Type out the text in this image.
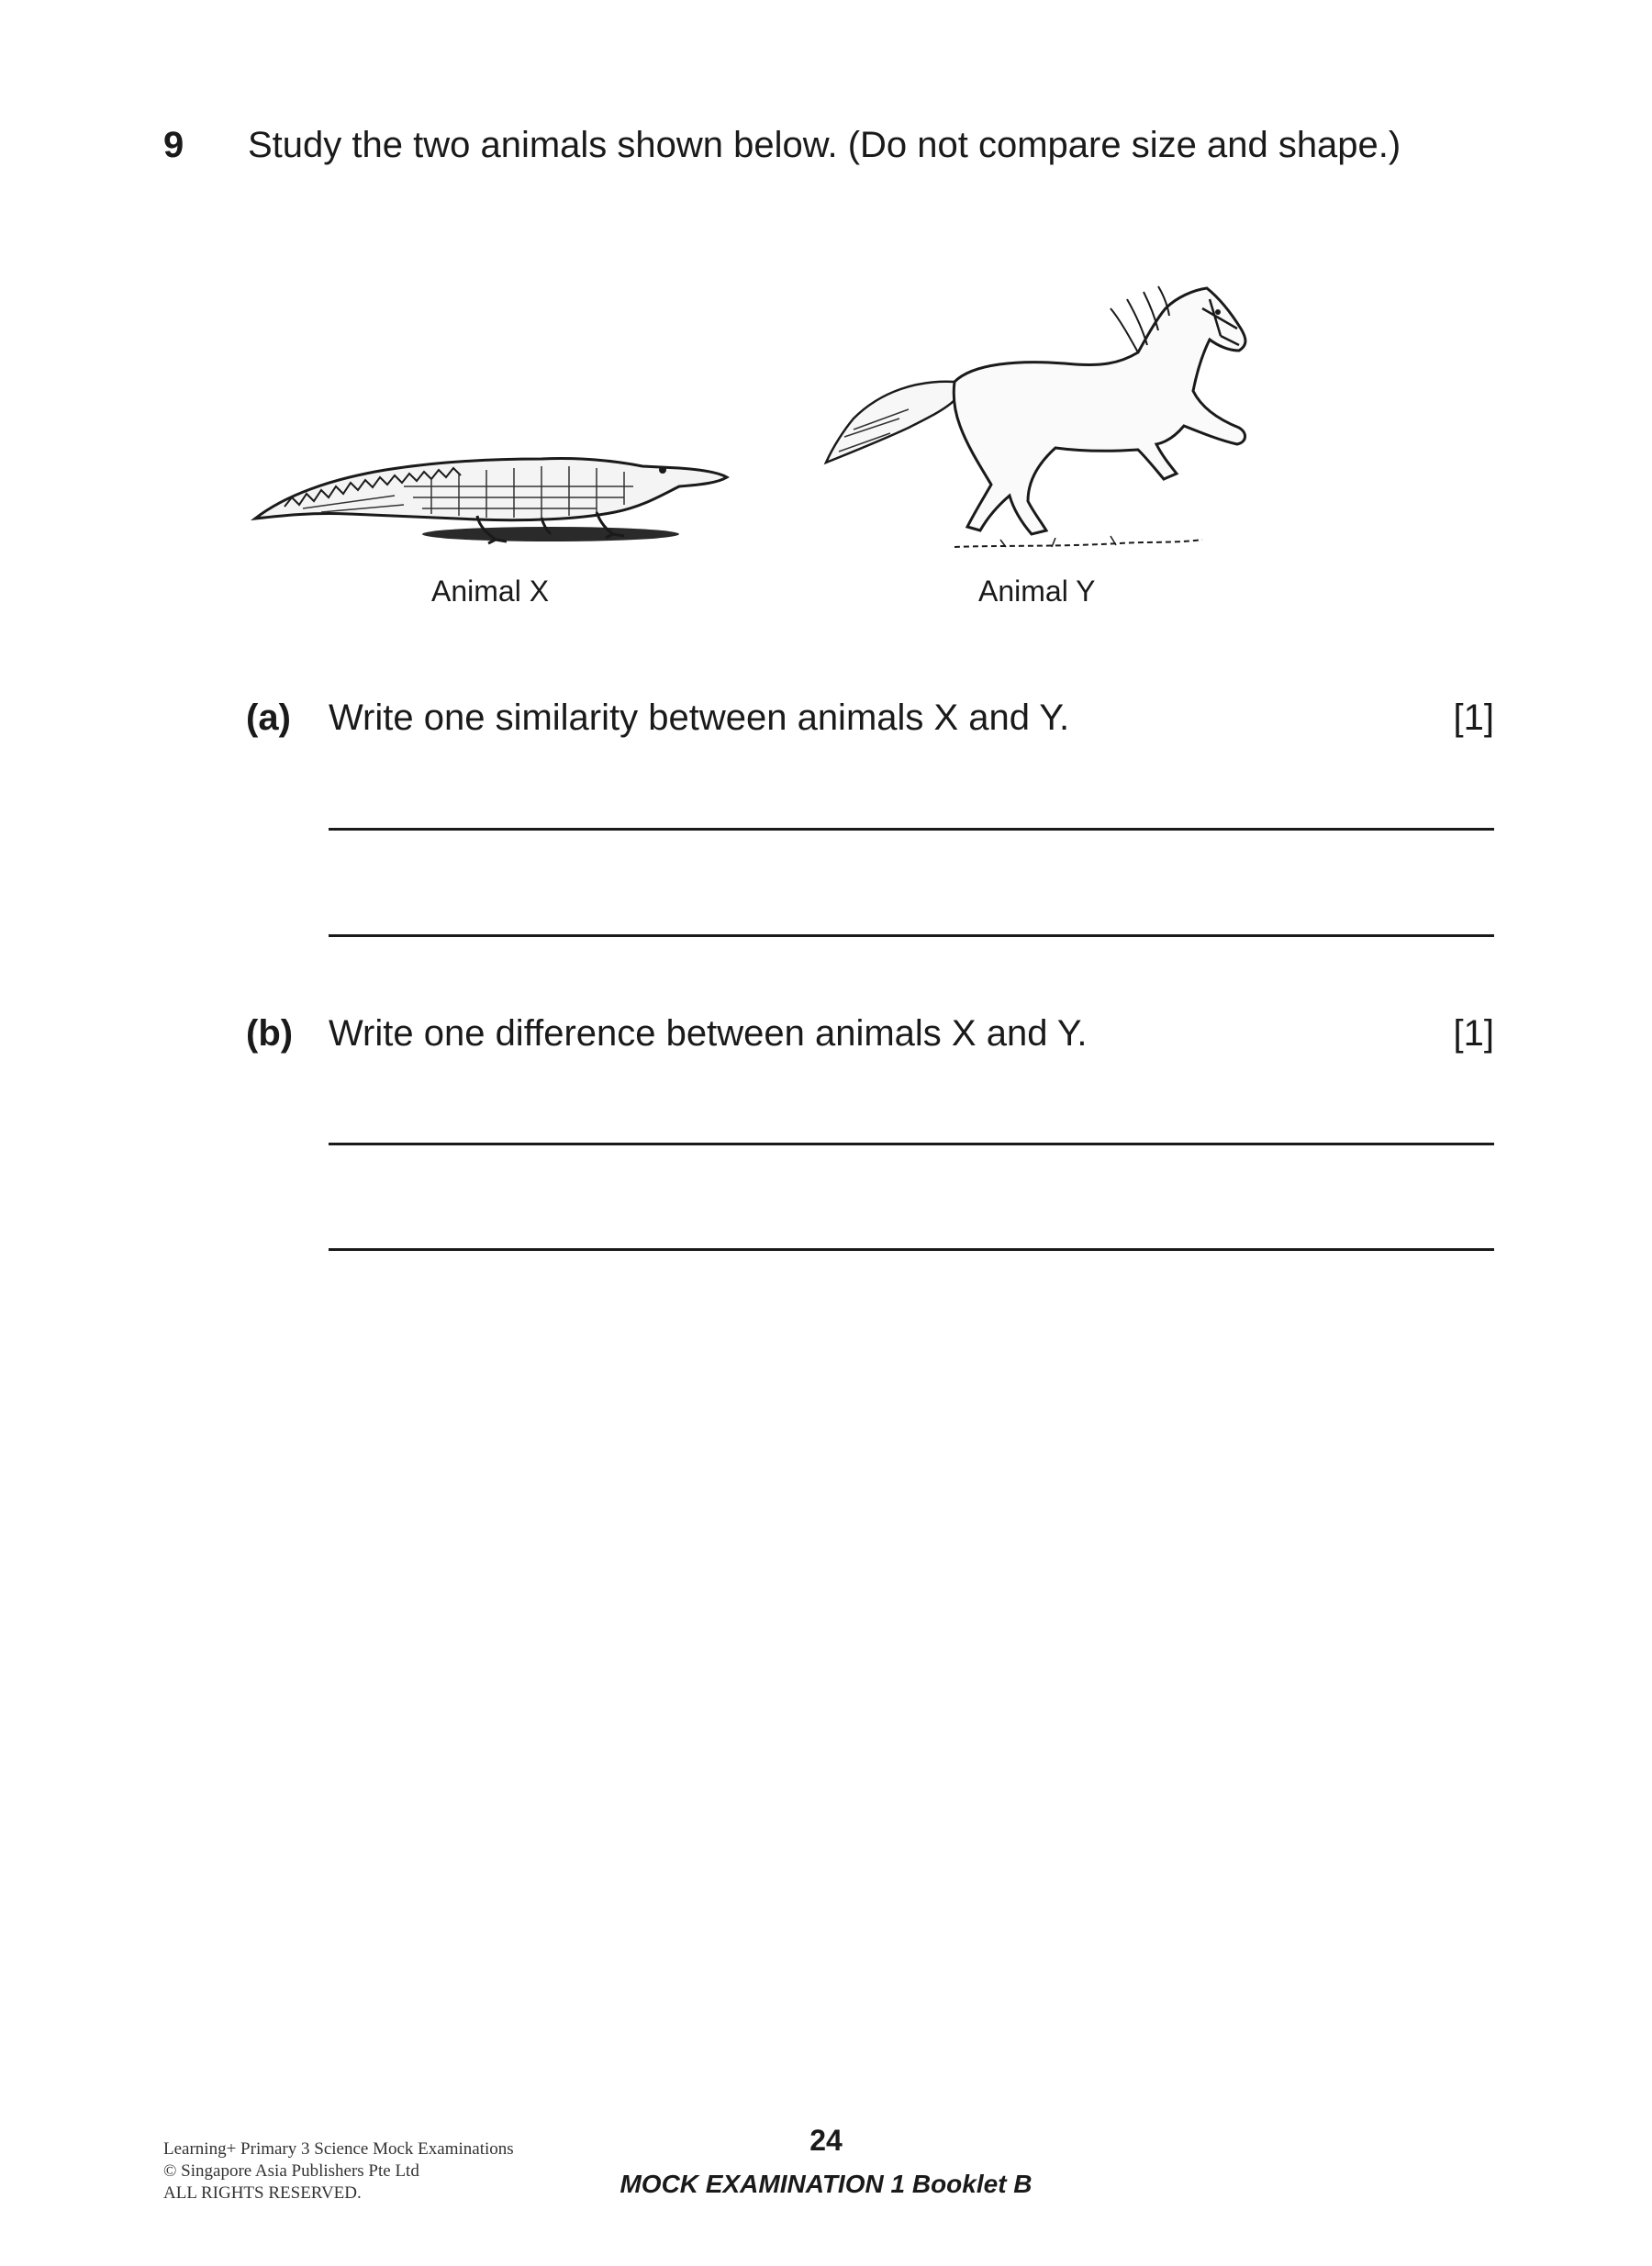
9 Study the two animals shown below. (Do not compare size and shape.)
Animal X	Animal Y
(a) Write one similarity between animals X and Y.	[1]
(b) Write one difference between animals X and Y.	[1]
Learning+ Primary 3 Science Mock Examinations
© Singapore Asia Publishers Pte Ltd
ALL RIGHTS RESERVED.
24
MOCK EXAMINATION 1 Booklet B
